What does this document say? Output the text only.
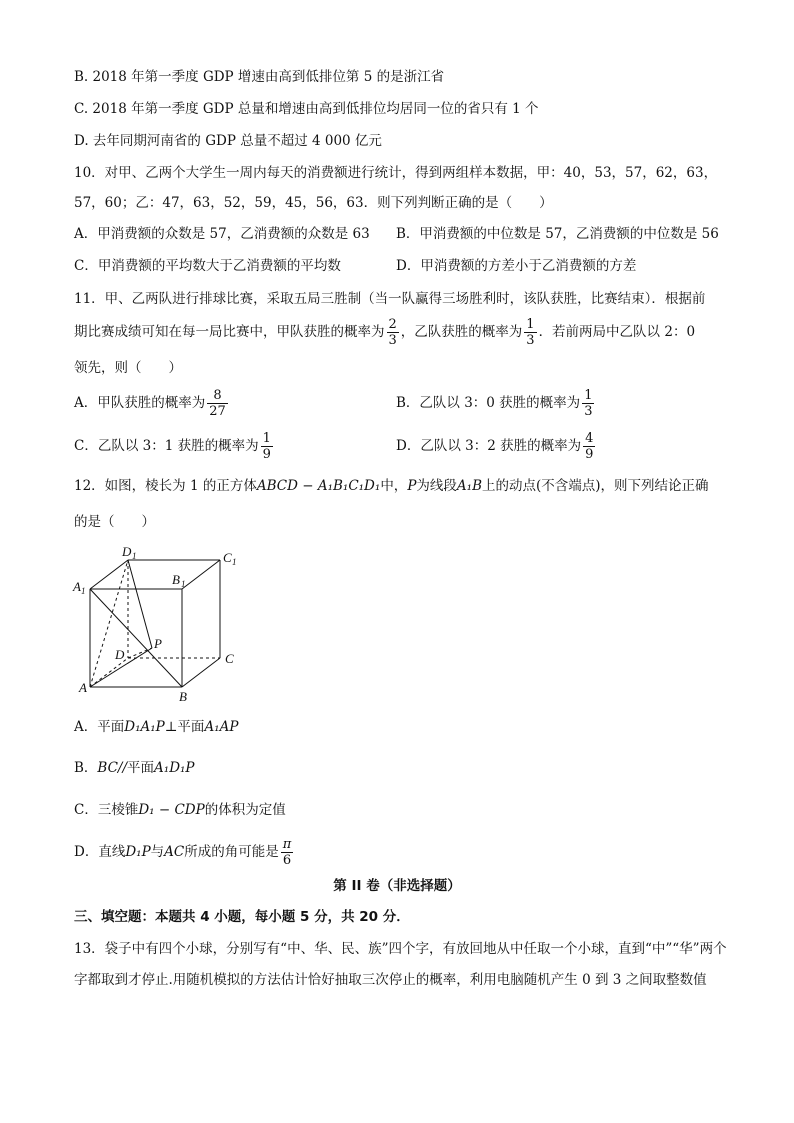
B. 2018 年第一季度 GDP 增速由高到低排位第 5 的是浙江省
C. 2018 年第一季度 GDP 总量和增速由高到低排位均居同一位的省只有 1 个
D. 去年同期河南省的 GDP 总量不超过 4 000 亿元
10．对甲、乙两个大学生一周内每天的消费额进行统计，得到两组样本数据，甲：40，53，57，62，63，
57，60；乙：47，63，52，59，45，56，63．则下列判断正确的是（　　）
A．甲消费额的众数是 57，乙消费额的众数是 63 B．甲消费额的中位数是 57，乙消费额的中位数是 56
C．甲消费额的平均数大于乙消费额的平均数	D．甲消费额的方差小于乙消费额的方差
11．甲、乙两队进行排球比赛，采取五局三胜制（当一队赢得三场胜利时，该队获胜，比赛结束）．根据前
期比赛成绩可知在每一局比赛中，甲队获胜的概率为 $\frac{2}{3}$ ，乙队获胜的概率为 $\frac{1}{3}$ ．若前两局中乙队以 2：0
领先，则（　　）
A．甲队获胜的概率为 $\frac{8}{27}$	B．乙队以 3：0 获胜的概率为 $\frac{1}{3}$
C．乙队以 3：1 获胜的概率为 $\frac{1}{9}$	D．乙队以 3：2 获胜的概率为 $\frac{4}{9}$
12．如图，棱长为 1 的正方体ABCD − A₁B₁C₁D₁中，P为线段A₁B上的动点(不含端点)，则下列结论正确
的是（　　）
D 1	C 1
A 1
B 1
D	C
A
B
P
A．平面D₁A₁P⊥平面A₁AP
B．BC//平面A₁D₁P
C．三棱锥D₁ − CDP的体积为定值
D．直线D₁P与AC所成的角可能是 $\frac{\pi}{6}$
第 II 卷（非选择题）
三、填空题：本题共 4 小题，每小题 5 分，共 20 分．
13．袋子中有四个小球，分别写有“中、华、民、族”四个字，有放回地从中任取一个小球，直到“中”“华”两个
字都取到才停止.用随机模拟的方法估计恰好抽取三次停止的概率，利用电脑随机产生 0 到 3 之间取整数值
